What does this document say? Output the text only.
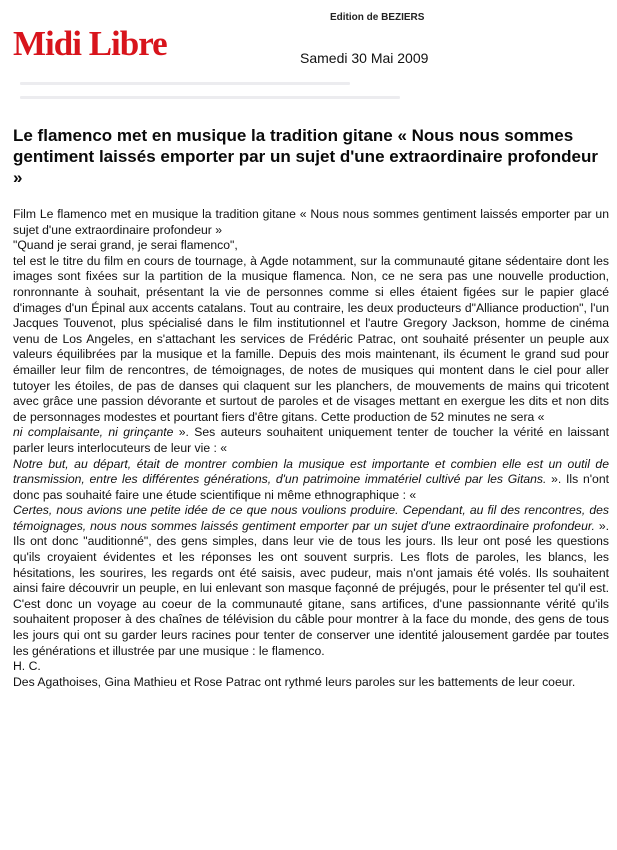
Edition de BEZIERS
Midi Libre	Samedi 30 Mai 2009
Le flamenco met en musique la tradition gitane « Nous nous sommes gentiment laissés emporter par un sujet d'une extraordinaire profondeur »

Film Le flamenco met en musique la tradition gitane « Nous nous sommes gentiment laissés emporter par un sujet d'une extraordinaire profondeur »

"Quand je serai grand, je serai flamenco",

tel est le titre du film en cours de tournage, à Agde notamment, sur la communauté gitane sédentaire dont les images sont fixées sur la partition de la musique flamenca. Non, ce ne sera pas une nouvelle production, ronronnante à souhait, présentant la vie de personnes comme si elles étaient figées sur le papier glacé d'images d'un Épinal aux accents catalans. Tout au contraire, les deux producteurs d"Alliance production", l'un Jacques Touvenot, plus spécialisé dans le film institutionnel et l'autre Gregory Jackson, homme de cinéma venu de Los Angeles, en s'attachant les services de Frédéric Patrac, ont souhaité présenter un peuple aux valeurs équilibrées par la musique et la famille. Depuis des mois maintenant, ils écument le grand sud pour émailler leur film de rencontres, de témoignages, de notes de musiques qui montent dans le ciel pour aller tutoyer les étoiles, de pas de danses qui claquent sur les planchers, de mouvements de mains qui tricotent avec grâce une passion dévorante et surtout de paroles et de visages mettant en exergue les dits et non dits de personnages modestes et pourtant fiers d'être gitans. Cette production de 52 minutes ne sera «
ni complaisante, ni grinçante ». Ses auteurs souhaitent uniquement tenter de toucher la vérité en laissant parler leurs interlocuteurs de leur vie : «
Notre but, au départ, était de montrer combien la musique est importante et combien elle est un outil de transmission, entre les différentes générations, d'un patrimoine immatériel cultivé par les Gitans. ». Ils n'ont donc pas souhaité faire une étude scientifique ni même ethnographique : «
Certes, nous avions une petite idée de ce que nous voulions produire. Cependant, au fil des rencontres, des témoignages, nous nous sommes laissés gentiment emporter par un sujet d'une extraordinaire profondeur. ». Ils ont donc "auditionné", des gens simples, dans leur vie de tous les jours. Ils leur ont posé les questions qu'ils croyaient évidentes et les réponses les ont souvent surpris. Les flots de paroles, les blancs, les hésitations, les sourires, les regards ont été saisis, avec pudeur, mais n'ont jamais été volés. Ils souhaitent ainsi faire découvrir un peuple, en lui enlevant son masque façonné de préjugés, pour le présenter tel qu'il est. C'est donc un voyage au coeur de la communauté gitane, sans artifices, d'une passionnante vérité qu'ils souhaitent proposer à des chaînes de télévision du câble pour montrer à la face du monde, des gens de tous les jours qui ont su garder leurs racines pour tenter de conserver une identité jalousement gardée par toutes les générations et illustrée par une musique : le flamenco.

H. C.

Des Agathoises, Gina Mathieu et Rose Patrac ont rythmé leurs paroles sur les battements de leur coeur.
